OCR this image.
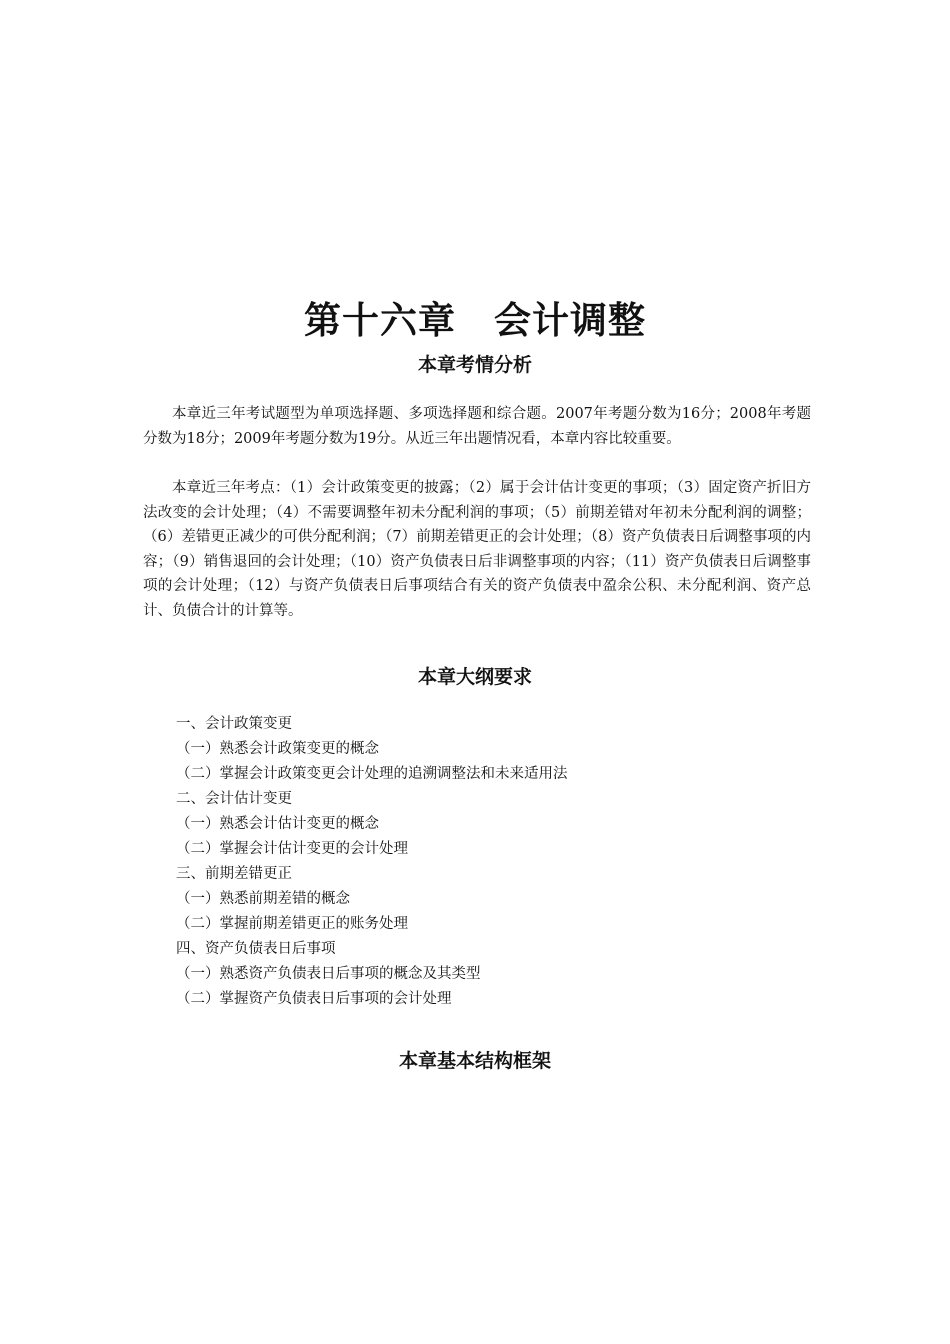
第十六章　会计调整
本章考情分析

本章近三年考试题型为单项选择题、多项选择题和综合题。2007年考题分数为16分；2008年考题分数为18分；2009年考题分数为19分。从近三年出题情况看，本章内容比较重要。

本章近三年考点：（1）会计政策变更的披露；（2）属于会计估计变更的事项；（3）固定资产折旧方法改变的会计处理；（4）不需要调整年初未分配利润的事项；（5）前期差错对年初未分配利润的调整；（6）差错更正减少的可供分配利润；（7）前期差错更正的会计处理；（8）资产负债表日后调整事项的内容；（9）销售退回的会计处理；（10）资产负债表日后非调整事项的内容；（11）资产负债表日后调整事项的会计处理；（12）与资产负债表日后事项结合有关的资产负债表中盈余公积、未分配利润、资产总计、负债合计的计算等。

本章大纲要求
一、会计政策变更
（一）熟悉会计政策变更的概念
（二）掌握会计政策变更会计处理的追溯调整法和未来适用法
二、会计估计变更
（一）熟悉会计估计变更的概念
（二）掌握会计估计变更的会计处理
三、前期差错更正
（一）熟悉前期差错的概念
（二）掌握前期差错更正的账务处理
四、资产负债表日后事项
（一）熟悉资产负债表日后事项的概念及其类型
（二）掌握资产负债表日后事项的会计处理
本章基本结构框架
